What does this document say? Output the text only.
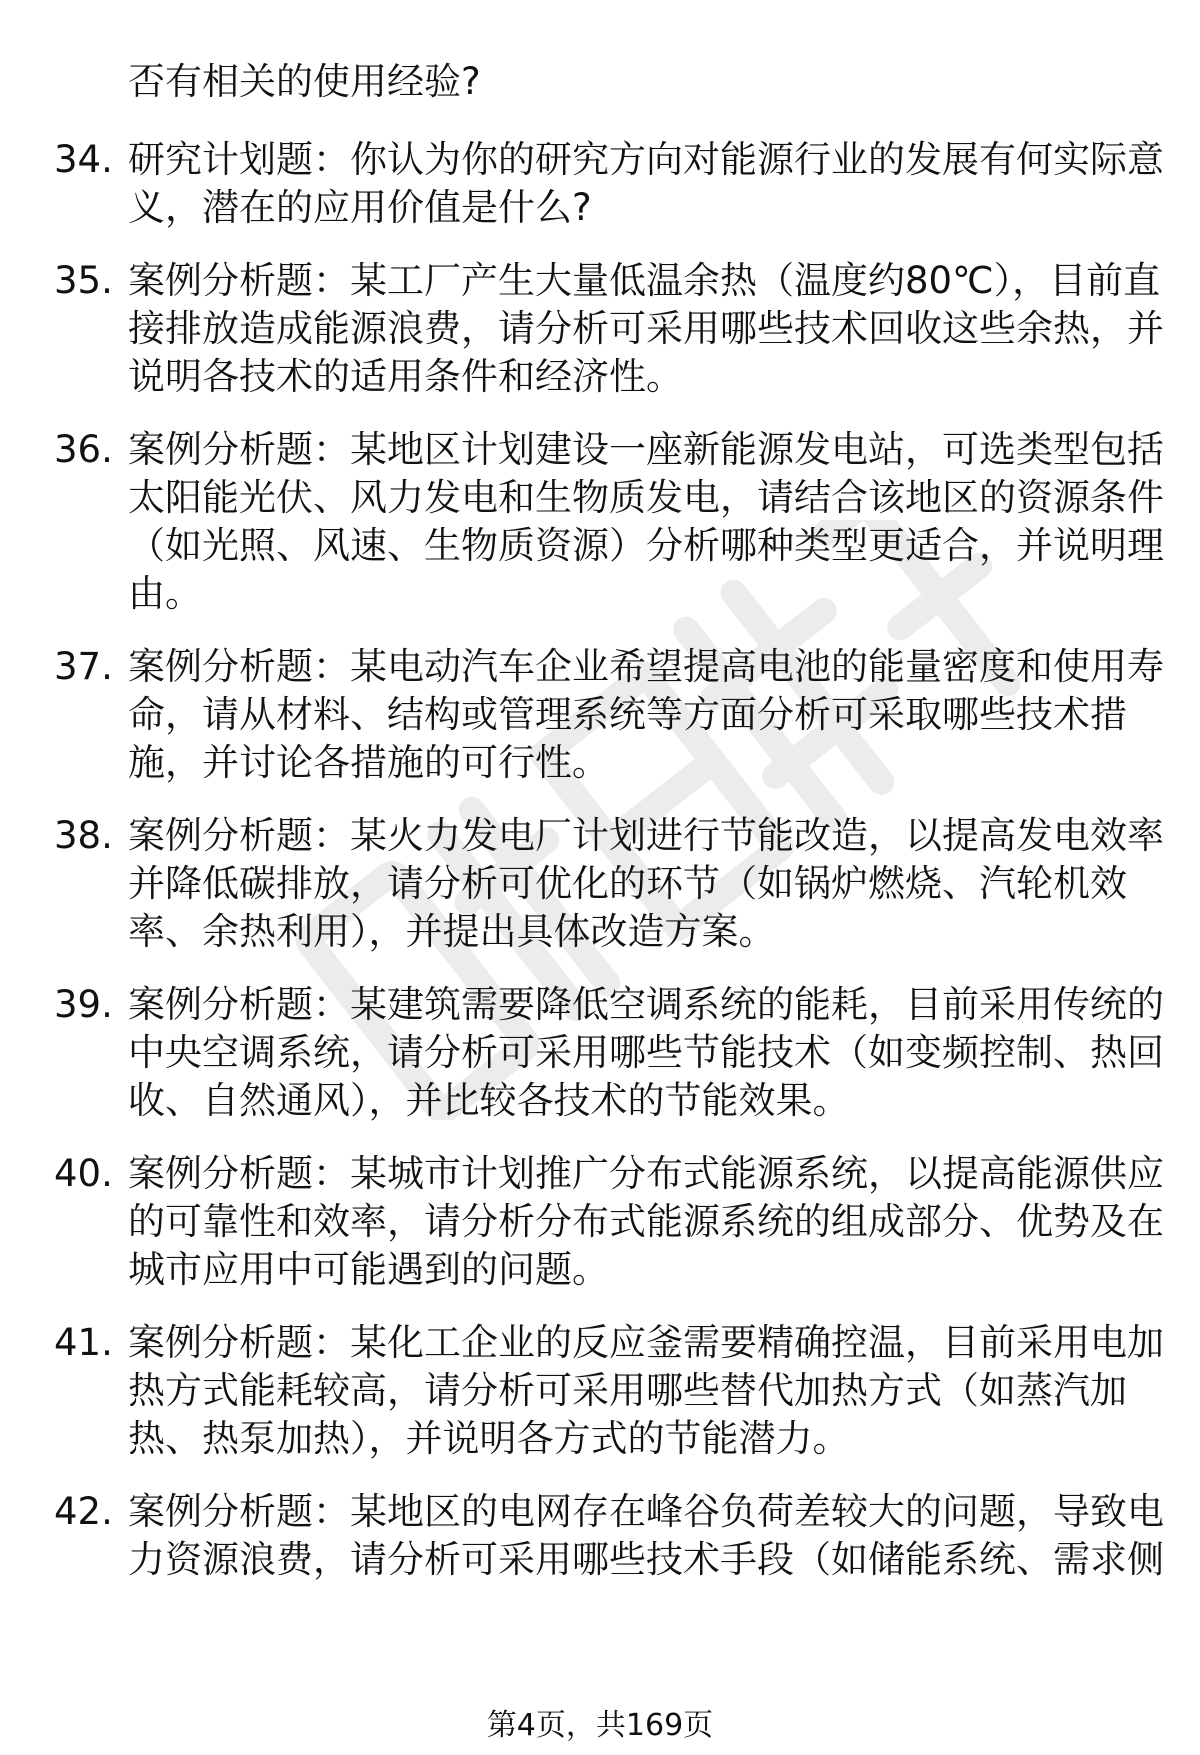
否有相关的使用经验?
34. 研究计划题：你认为你的研究方向对能源行业的发展有何实际意
义，潜在的应用价值是什么?
35. 案例分析题：某工厂产生大量低温余热（温度约80℃），目前直
接排放造成能源浪费，请分析可采用哪些技术回收这些余热，并
说明各技术的适用条件和经济性。
36. 案例分析题：某地区计划建设一座新能源发电站，可选类型包括
太阳能光伏、风力发电和生物质发电，请结合该地区的资源条件
（如光照、风速、生物质资源）分析哪种类型更适合，并说明理
由。
37. 案例分析题：某电动汽车企业希望提高电池的能量密度和使用寿
命，请从材料、结构或管理系统等方面分析可采取哪些技术措
施，并讨论各措施的可行性。
38. 案例分析题：某火力发电厂计划进行节能改造，以提高发电效率
并降低碳排放，请分析可优化的环节（如锅炉燃烧、汽轮机效
率、余热利用），并提出具体改造方案。
39. 案例分析题：某建筑需要降低空调系统的能耗，目前采用传统的
中央空调系统，请分析可采用哪些节能技术（如变频控制、热回
收、自然通风），并比较各技术的节能效果。
40. 案例分析题：某城市计划推广分布式能源系统，以提高能源供应
的可靠性和效率，请分析分布式能源系统的组成部分、优势及在
城市应用中可能遇到的问题。
41. 案例分析题：某化工企业的反应釜需要精确控温，目前采用电加
热方式能耗较高，请分析可采用哪些替代加热方式（如蒸汽加
热、热泵加热），并说明各方式的节能潜力。
42. 案例分析题：某地区的电网存在峰谷负荷差较大的问题，导致电
力资源浪费，请分析可采用哪些技术手段（如储能系统、需求侧
第4页，共169页
